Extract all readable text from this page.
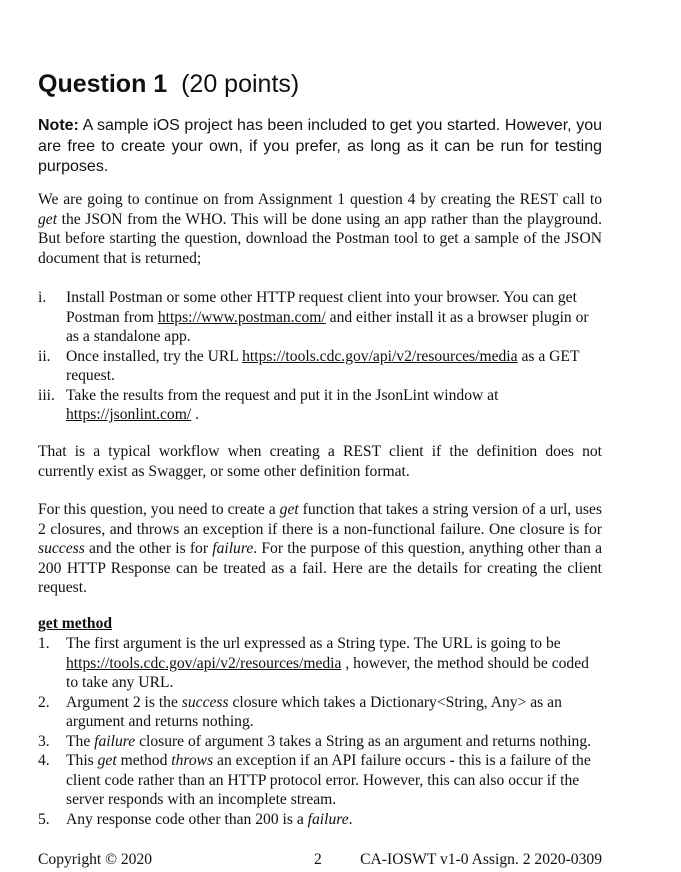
Question 1 (20 points)

Note: A sample iOS project has been included to get you started. However, you are free to create your own, if you prefer, as long as it can be run for testing purposes.

We are going to continue on from Assignment 1 question 4 by creating the REST call to get the JSON from the WHO. This will be done using an app rather than the playground. But before starting the question, download the Postman tool to get a sample of the JSON document that is returned;

i. Install Postman or some other HTTP request client into your browser. You can get Postman from https://www.postman.com/ and either install it as a browser plugin or as a standalone app.
ii. Once installed, try the URL https://tools.cdc.gov/api/v2/resources/media as a GET request.
iii. Take the results from the request and put it in the JsonLint window at https://jsonlint.com/ .

That is a typical workflow when creating a REST client if the definition does not currently exist as Swagger, or some other definition format.

For this question, you need to create a get function that takes a string version of a url, uses 2 closures, and throws an exception if there is a non-functional failure. One closure is for success and the other is for failure. For the purpose of this question, anything other than a 200 HTTP Response can be treated as a fail. Here are the details for creating the client request.

get method
1. The first argument is the url expressed as a String type. The URL is going to be https://tools.cdc.gov/api/v2/resources/media , however, the method should be coded to take any URL.
2. Argument 2 is the success closure which takes a Dictionary<String, Any> as an argument and returns nothing.
3. The failure closure of argument 3 takes a String as an argument and returns nothing.
4. This get method throws an exception if an API failure occurs - this is a failure of the client code rather than an HTTP protocol error. However, this can also occur if the server responds with an incomplete stream.
5. Any response code other than 200 is a failure.
Copyright © 2020	2 CA-IOSWT v1-0 Assign. 2 2020-0309
